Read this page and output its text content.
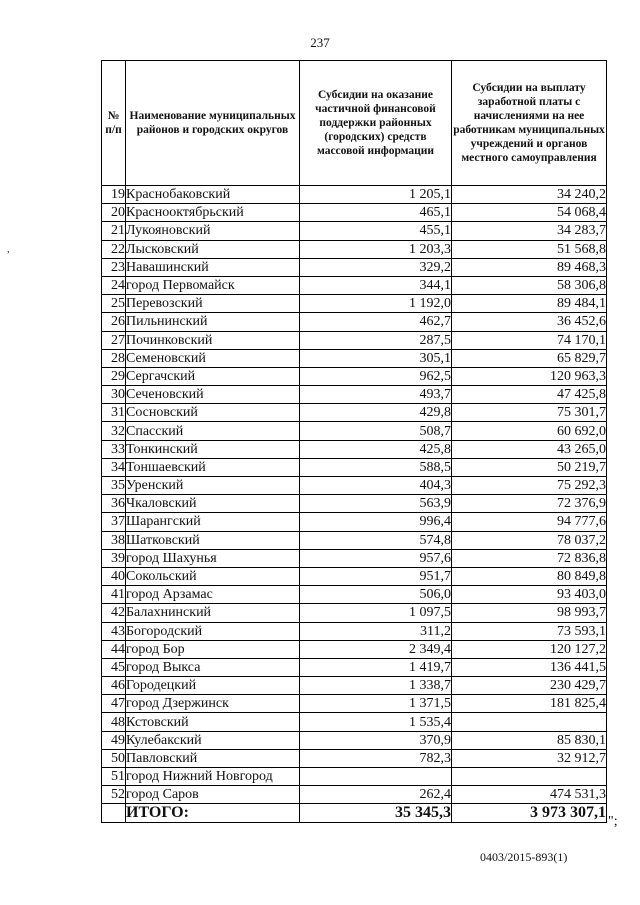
237
,
№ п/п	Наименование муниципальных районов и городских округов	Субсидии на оказание частичной финансовой поддержки районных (городских) средств массовой информации	Субсидии на выплату заработной платы с начислениями на нее работникам муниципальных учреждений и органов местного самоуправления
19	Краснобаковский	1 205,1	34 240,2
20	Краснооктябрьский	465,1	54 068,4
21	Лукояновский	455,1	34 283,7
22	Лысковский	1 203,3	51 568,8
23	Навашинский	329,2	89 468,3
24	город Первомайск	344,1	58 306,8
25	Перевозский	1 192,0	89 484,1
26	Пильнинский	462,7	36 452,6
27	Починковский	287,5	74 170,1
28	Семеновский	305,1	65 829,7
29	Сергачский	962,5	120 963,3
30	Сеченовский	493,7	47 425,8
31	Сосновский	429,8	75 301,7
32	Спасский	508,7	60 692,0
33	Тонкинский	425,8	43 265,0
34	Тоншаевский	588,5	50 219,7
35	Уренский	404,3	75 292,3
36	Чкаловский	563,9	72 376,9
37	Шарангский	996,4	94 777,6
38	Шатковский	574,8	78 037,2
39	город Шахунья	957,6	72 836,8
40	Сокольский	951,7	80 849,8
41	город Арзамас	506,0	93 403,0
42	Балахнинский	1 097,5	98 993,7
43	Богородский	311,2	73 593,1
44	город Бор	2 349,4	120 127,2
45	город Выкса	1 419,7	136 441,5
46	Городецкий	1 338,7	230 429,7
47	город Дзержинск	1 371,5	181 825,4
48	Кстовский	1 535,4	
49	Кулебакский	370,9	85 830,1
50	Павловский	782,3	32 912,7
51	город Нижний Новгород		
52	город Саров	262,4	474 531,3
	ИТОГО:	35 345,3	3 973 307,1
";
0403/2015-893(1)
